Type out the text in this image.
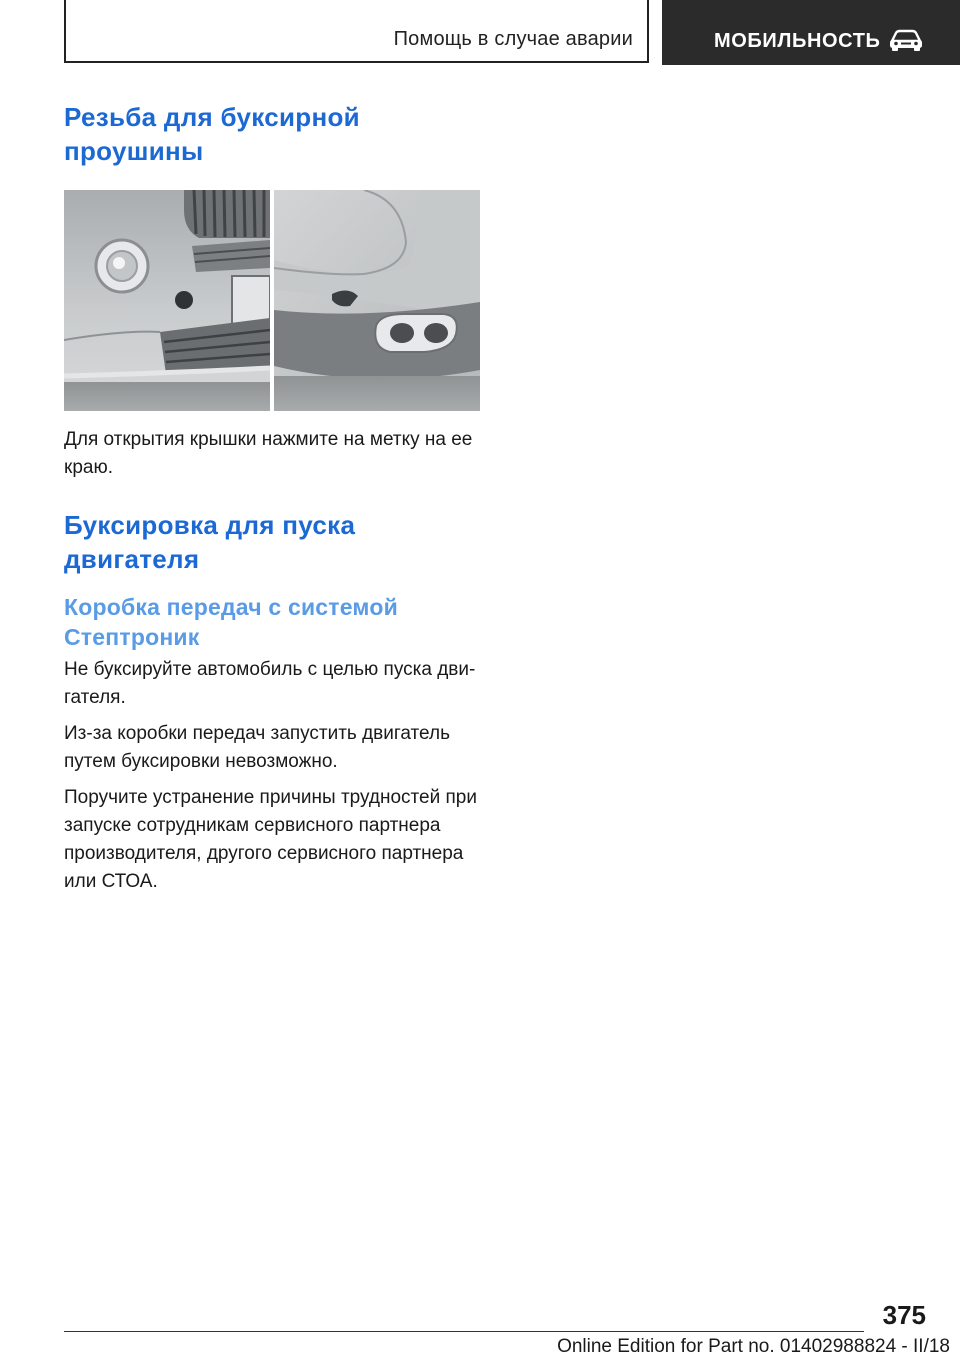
Помощь в случае аварии	МОБИЛЬНОСТЬ
Резьба для буксирной проушины

Для открытия крышки нажмите на метку на ее краю.

Буксировка для пуска двигателя
Коробка передач с системой Стептроник

Не буксируйте автомобиль с целью пуска двигателя.

Из-за коробки передач запустить двигатель путем буксировки невозможно.

Поручите устранение причины трудностей при запуске сотрудникам сервисного партнера производителя, другого сервисного партнера или СТОА.

375
Online Edition for Part no. 01402988824 - II/18
